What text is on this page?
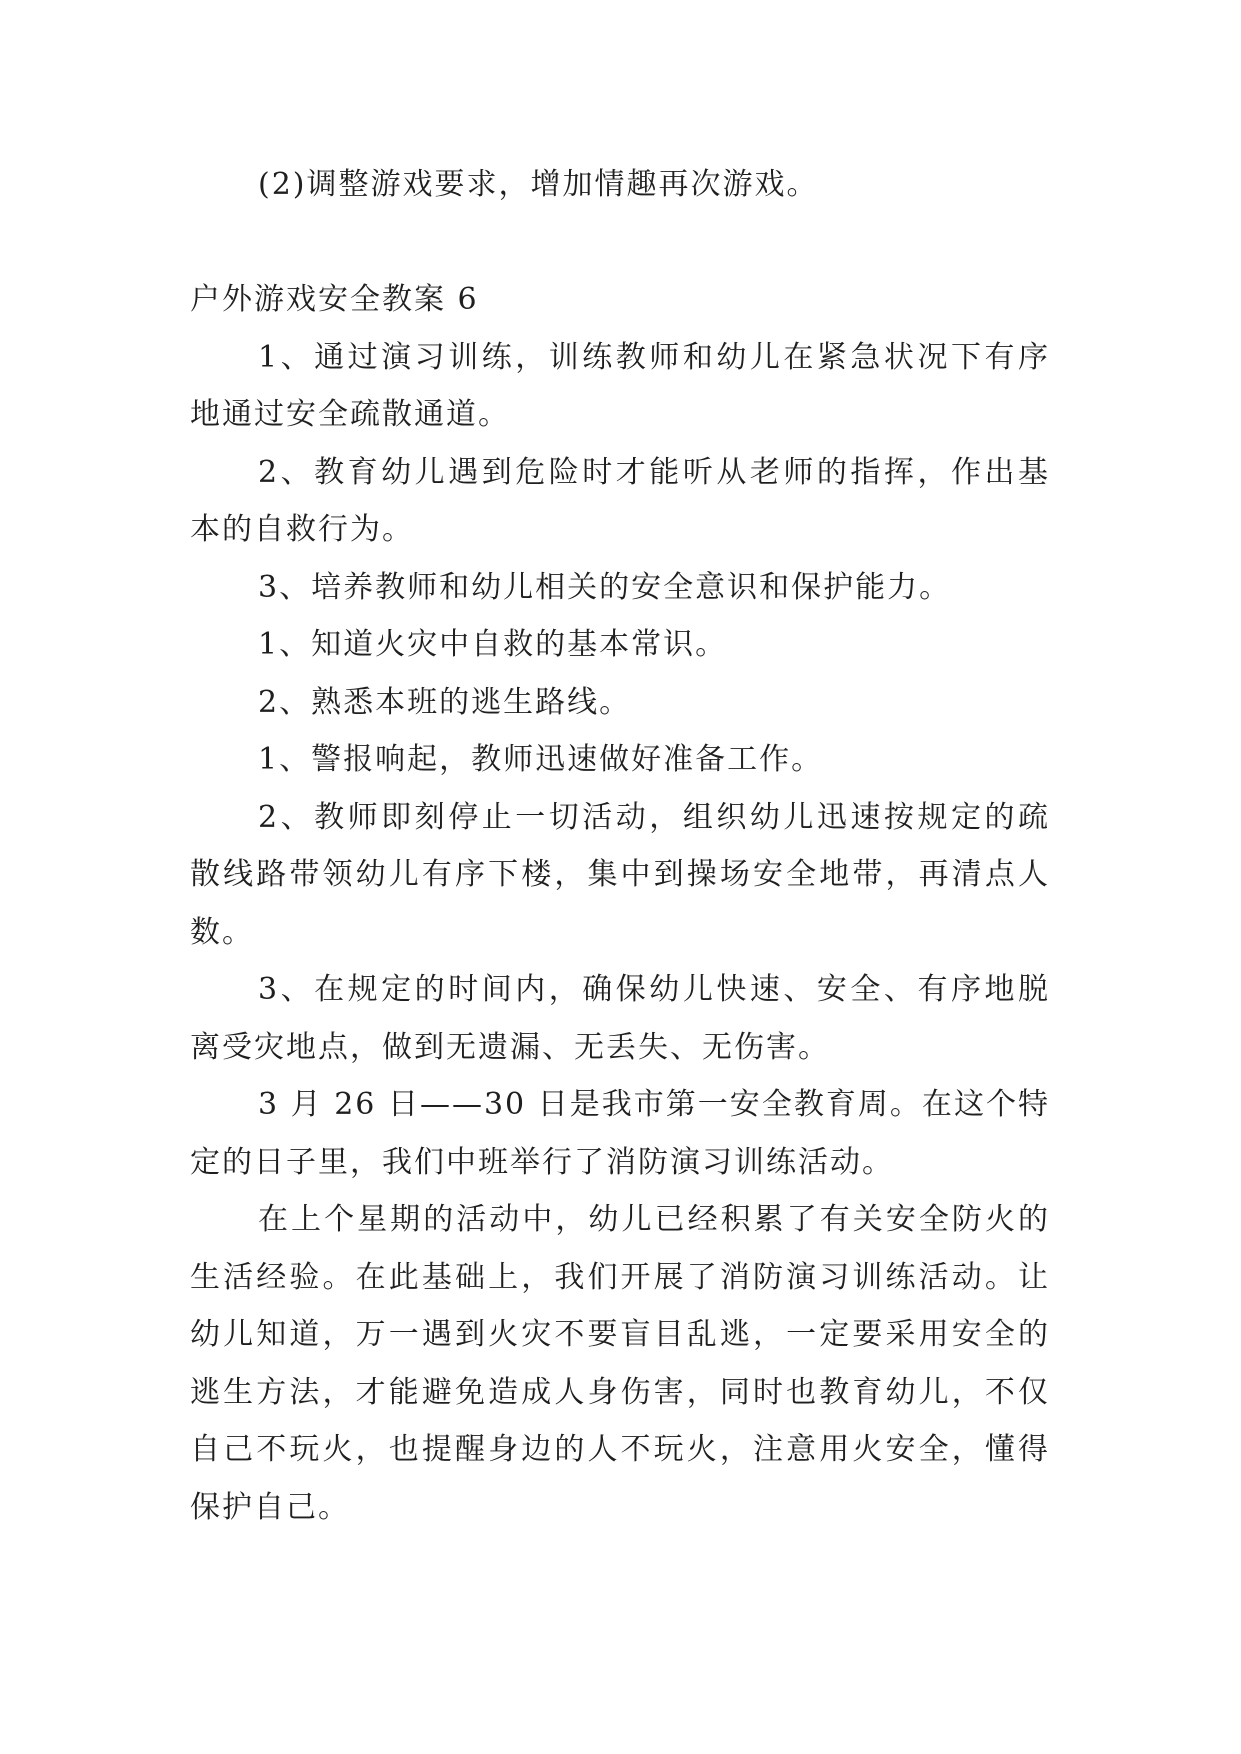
(2)调整游戏要求，增加情趣再次游戏。
户外游戏安全教案 6
1、通过演习训练，训练教师和幼儿在紧急状况下有序
地通过安全疏散通道。
2、教育幼儿遇到危险时才能听从老师的指挥，作出基
本的自救行为。
3、培养教师和幼儿相关的安全意识和保护能力。
1、知道火灾中自救的基本常识。
2、熟悉本班的逃生路线。
1、警报响起，教师迅速做好准备工作。
2、教师即刻停止一切活动，组织幼儿迅速按规定的疏
散线路带领幼儿有序下楼，集中到操场安全地带，再清点人
数。
3、在规定的时间内，确保幼儿快速、安全、有序地脱
离受灾地点，做到无遗漏、无丢失、无伤害。
3 月 26 日——30 日是我市第一安全教育周。在这个特
定的日子里，我们中班举行了消防演习训练活动。
在上个星期的活动中，幼儿已经积累了有关安全防火的
生活经验。在此基础上，我们开展了消防演习训练活动。让
幼儿知道，万一遇到火灾不要盲目乱逃，一定要采用安全的
逃生方法，才能避免造成人身伤害，同时也教育幼儿，不仅
自己不玩火，也提醒身边的人不玩火，注意用火安全，懂得
保护自己。
